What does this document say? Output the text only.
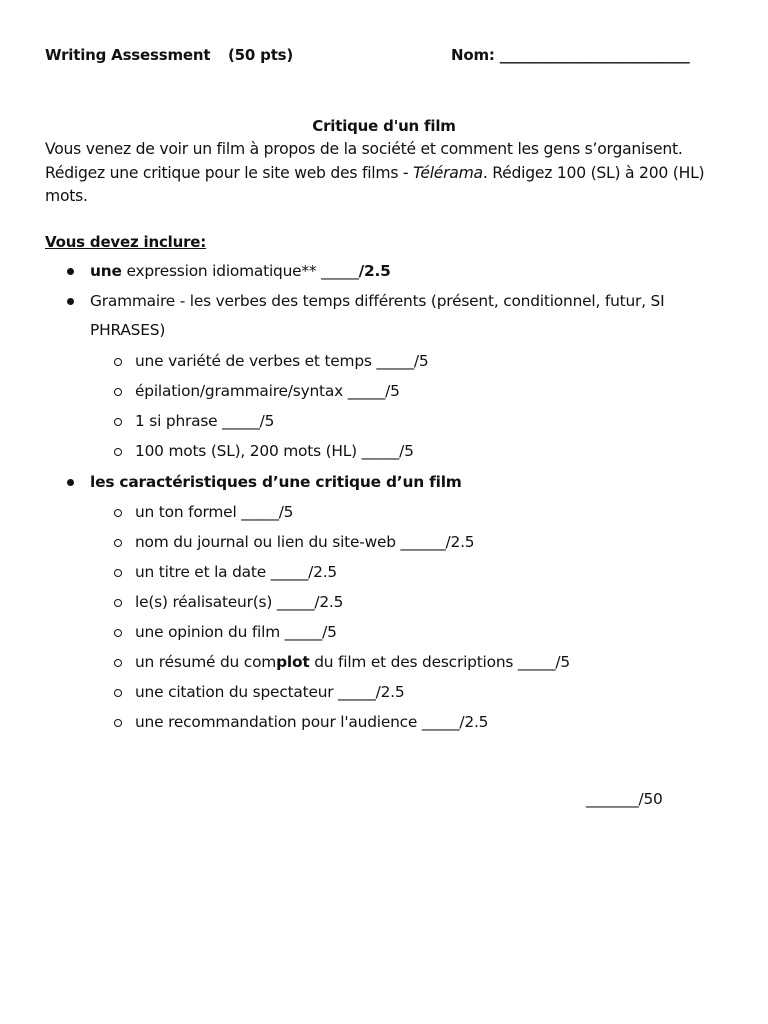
Writing Assessment (50 pts)	Nom: __________________________
Critique d'un film
Vous venez de voir un film à propos de la société et comment les gens s’organisent. Rédigez une critique pour le site web des films - Télérama. Rédigez 100 (SL) à 200 (HL) mots.
Vous devez inclure:
une expression idiomatique** _____/2.5
Grammaire - les verbes des temps différents (présent, conditionnel, futur, SI
PHRASES)
une variété de verbes et temps _____/5
épilation/grammaire/syntax _____/5
1 si phrase _____/5
100 mots (SL), 200 mots (HL) _____/5
les caractéristiques d’une critique d’un film
un ton formel _____/5
nom du journal ou lien du site-web ______/2.5
un titre et la date _____/2.5
le(s) réalisateur(s) _____/2.5
une opinion du film _____/5
un résumé du complot du film et des descriptions _____/5
une citation du spectateur _____/2.5
une recommandation pour l'audience _____/2.5
_______/50
